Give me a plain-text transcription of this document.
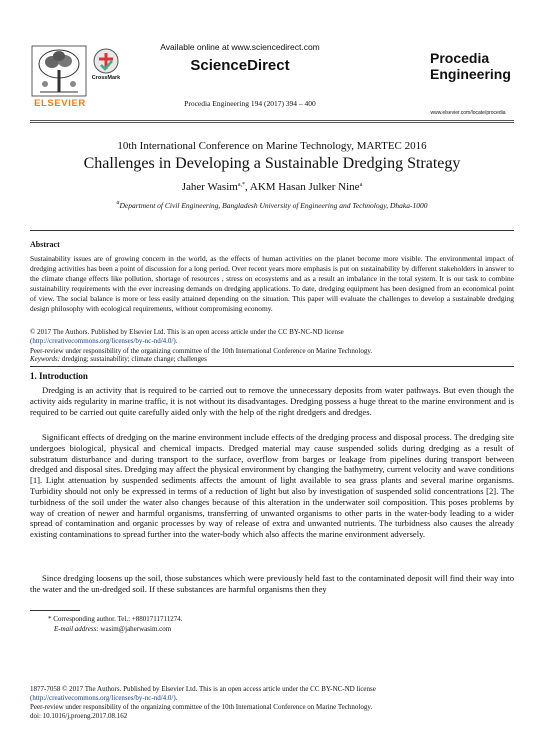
ELSEVIER
CrossMark
Available online at www.sciencedirect.com
ScienceDirect
Procedia Engineering 194 (2017) 394 – 400
Procedia
Engineering
www.elsevier.com/locate/procedia
10th International Conference on Marine Technology, MARTEC 2016
Challenges in Developing a Sustainable Dredging Strategy
Jaher Wasim$^{a,*}$, AKM Hasan Julker Nine$^a$
$^a$Department of Civil Engineering, Bangladesh University of Engineering and Technology, Dhaka-1000
Abstract
Sustainability issues are of growing concern in the world, as the effects of human activities on the planet become more visible. The environmental impact of dredging activities has been a point of discussion for a long period. Over recent years more emphasis is put on sustainability by different stakeholders in answer to the climate change effects like pollution, shortage of resources , stress on ecosystems and as a result an imbalance in the total system. It is our task to combine sustainability requirements with the ever increasing demands on dredging applications. To date, dredging equipment has been designed from an economical point of view. The social balance is more or less easily attained depending on the situation. This paper will evaluate the challenges to develop a sustainable dredging design philosophy with ecological requirements, without compromising economy.
© 2017 The Authors. Published by Elsevier Ltd. This is an open access article under the CC BY-NC-ND license
(http://creativecommons.org/licenses/by-nc-nd/4.0/).
Peer-review under responsibility of the organizing committee of the 10th International Conference on Marine Technology.
Keywords: dredging; sustainability; climate change; challenges
1. Introduction
Dredging is an activity that is required to be carried out to remove the unnecessary deposits from water pathways. But even though the activity aids regularity in marine traffic, it is not without its disadvantages. Dredging possess a huge threat to the marine environment and is required to be carried out quite carefully aided only with the help of the right dredgers and dredges.
Significant effects of dredging on the marine environment include effects of the dredging process and disposal process. The dredging site undergoes biological, physical and chemical impacts. Dredged material may cause suspended solids during dredging as a result of substratum disturbance and during transport to the surface, overflow from barges or leakage from pipelines during transport between dredged and disposal sites. Dredging may affect the physical environment by changing the bathymetry, current velocity and wave conditions [1]. Light attenuation by suspended sediments affects the amount of light available to sea grass plants and several marine organisms. Turbidity should not only be expressed in terms of a reduction of light but also by investigation of suspended solid concentrations [2]. The turbidness of the soil under the water also changes because of this alteration in the underwater soil composition. This poses problems by way of creation of newer and harmful organisms, transferring of unwanted organisms to other parts in the water-body leading to a wider spread of contamination and organic processes by way of release of extra and unwanted nutrients. The turbidness also causes the already existing contaminations to spread further into the water-body which also affects the marine environment adversely.
Since dredging loosens up the soil, those substances which were previously held fast to the contaminated deposit will find their way into the water and the un-dredged soil. If these substances are harmful organisms then they
* Corresponding author. Tel.: +8801711711274.
E-mail address: wasim@jaherwasim.com
1877-7058 © 2017 The Authors. Published by Elsevier Ltd. This is an open access article under the CC BY-NC-ND license
(http://creativecommons.org/licenses/by-nc-nd/4.0/).
Peer-review under responsibility of the organizing committee of the 10th International Conference on Marine Technology.
doi: 10.1016/j.proeng.2017.08.162
